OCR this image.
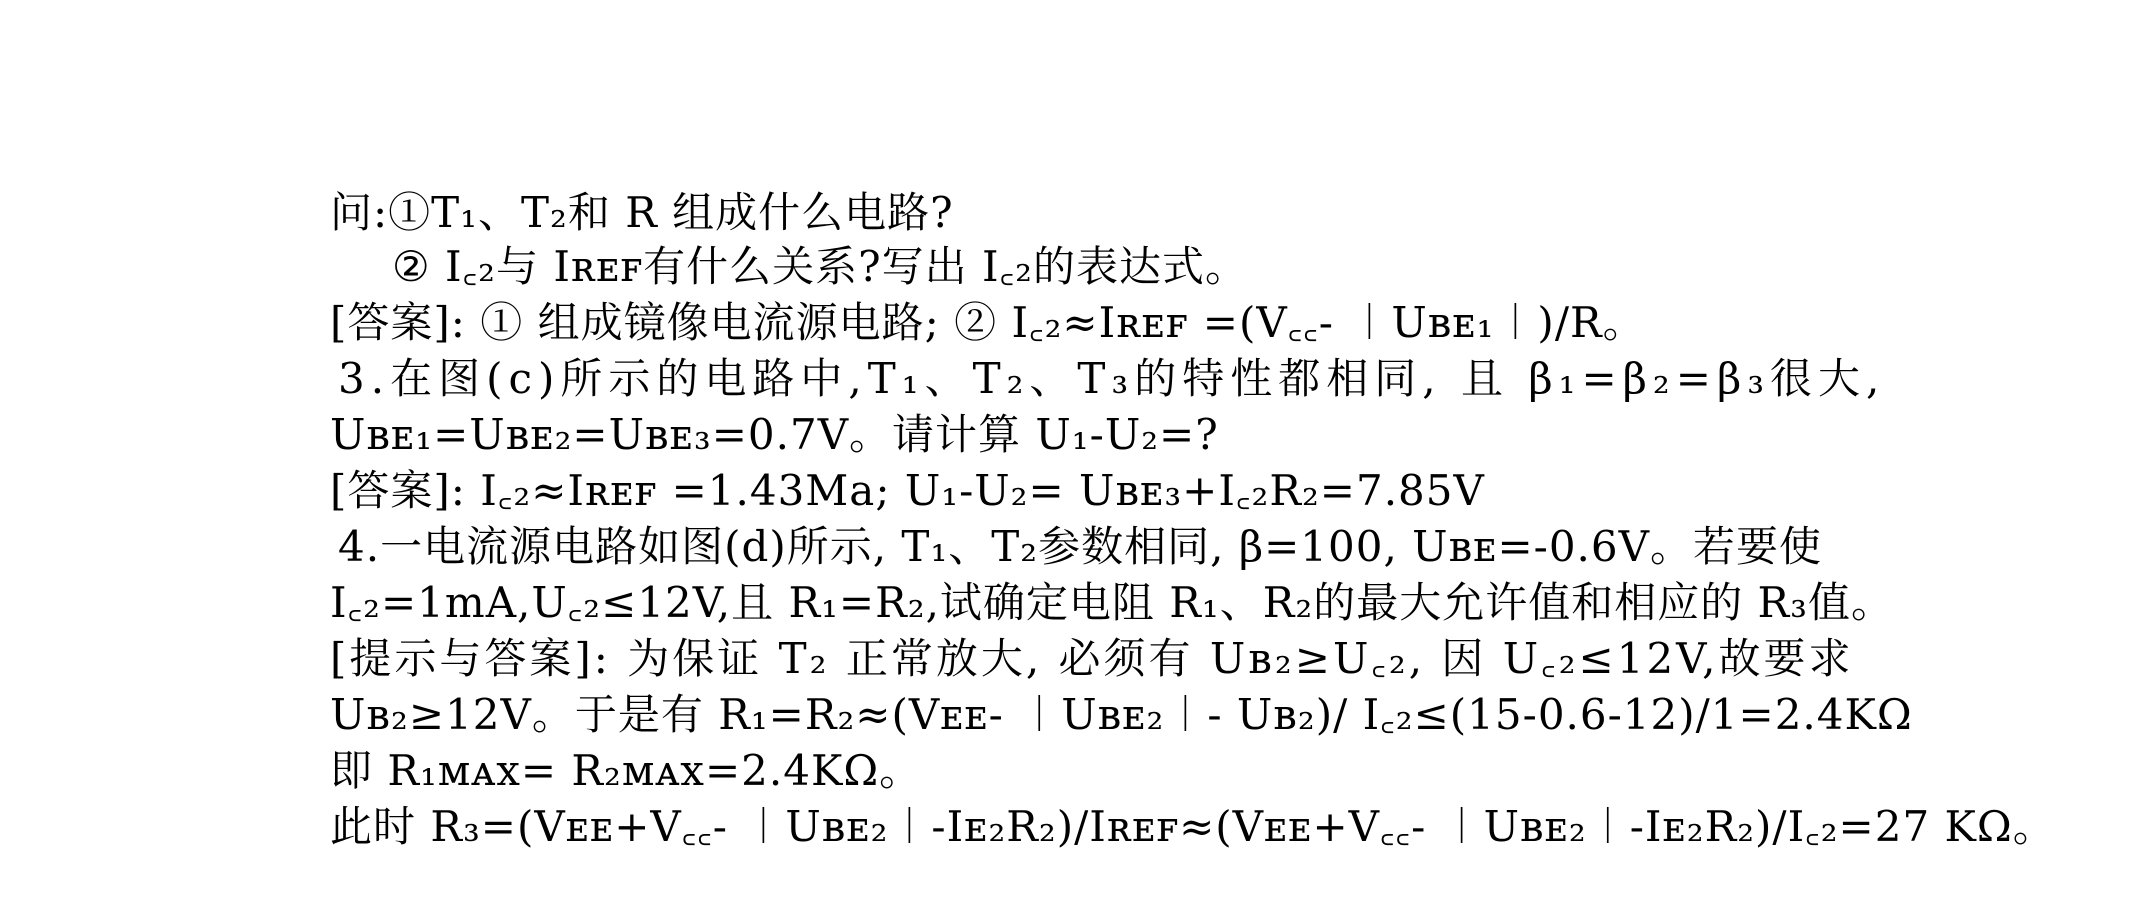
问:①T₁、T₂和 R 组成什么电路?
② I꜀₂与 Iʀᴇꜰ有什么关系?写出 I꜀₂的表达式。
[答案]: ① 组成镜像电流源电路; ② I꜀₂≈Iʀᴇꜰ =(V꜀꜀- ︱Uʙᴇ₁︱)/R。
3.在图(c)所示的电路中,T₁、T₂、T₃的特性都相同, 且 β₁=β₂=β₃很大,
Uʙᴇ₁=Uʙᴇ₂=Uʙᴇ₃=0.7V。请计算 U₁-U₂=?
[答案]: I꜀₂≈Iʀᴇꜰ =1.43Ma; U₁-U₂= Uʙᴇ₃+I꜀₂R₂=7.85V
4.一电流源电路如图(d)所示, T₁、T₂参数相同, β=100, Uʙᴇ=-0.6V。若要使
I꜀₂=1mA,U꜀₂≤12V,且 R₁=R₂,试确定电阻 R₁、R₂的最大允许值和相应的 R₃值。
[提示与答案]: 为保证 T₂ 正常放大, 必须有 Uʙ₂≥U꜀₂, 因 U꜀₂≤12V,故要求
Uʙ₂≥12V。于是有 R₁=R₂≈(Vᴇᴇ- ︱Uʙᴇ₂︱- Uʙ₂)/ I꜀₂≤(15-0.6-12)/1=2.4KΩ
即 R₁ᴍᴀx= R₂ᴍᴀx=2.4KΩ。
此时 R₃=(Vᴇᴇ+V꜀꜀- ︱Uʙᴇ₂︱-Iᴇ₂R₂)/Iʀᴇꜰ≈(Vᴇᴇ+V꜀꜀- ︱Uʙᴇ₂︱-Iᴇ₂R₂)/I꜀₂=27 KΩ。
